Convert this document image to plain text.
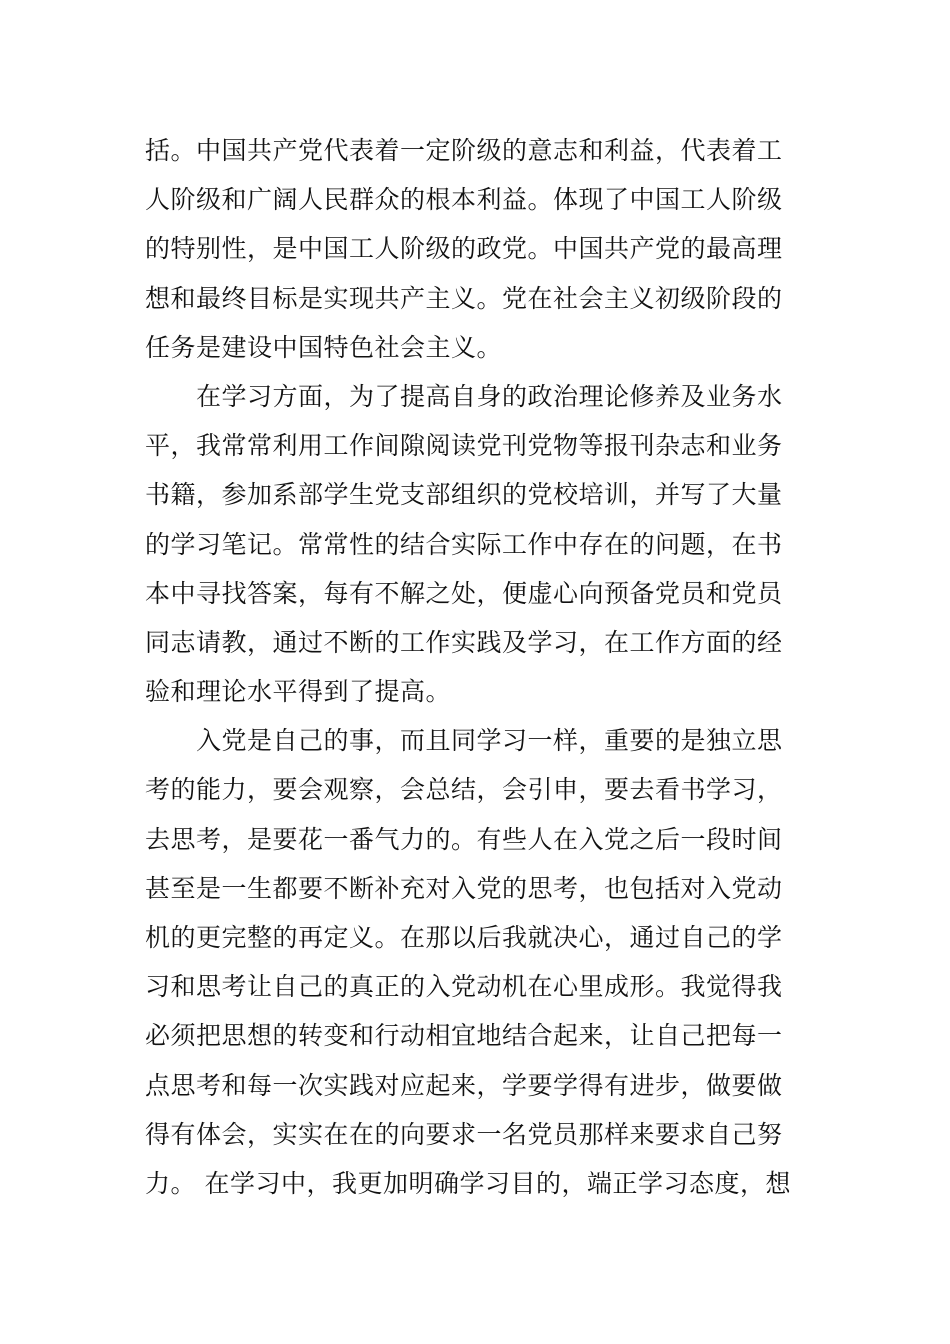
括。中国共产党代表着一定阶级的意志和利益，代表着工
人阶级和广阔人民群众的根本利益。体现了中国工人阶级
的特别性，是中国工人阶级的政党。中国共产党的最高理
想和最终目标是实现共产主义。党在社会主义初级阶段的
任务是建设中国特色社会主义。
　　在学习方面，为了提高自身的政治理论修养及业务水
平，我常常利用工作间隙阅读党刊党物等报刊杂志和业务
书籍，参加系部学生党支部组织的党校培训，并写了大量
的学习笔记。常常性的结合实际工作中存在的问题，在书
本中寻找答案，每有不解之处，便虚心向预备党员和党员
同志请教，通过不断的工作实践及学习，在工作方面的经
验和理论水平得到了提高。
　　入党是自己的事，而且同学习一样，重要的是独立思
考的能力，要会观察，会总结，会引申，要去看书学习，
去思考，是要花一番气力的。有些人在入党之后一段时间
甚至是一生都要不断补充对入党的思考，也包括对入党动
机的更完整的再定义。在那以后我就决心，通过自己的学
习和思考让自己的真正的入党动机在心里成形。我觉得我
必须把思想的转变和行动相宜地结合起来，让自己把每一
点思考和每一次实践对应起来，学要学得有进步，做要做
得有体会，实实在在的向要求一名党员那样来要求自己努
力。 在学习中，我更加明确学习目的，端正学习态度，想
